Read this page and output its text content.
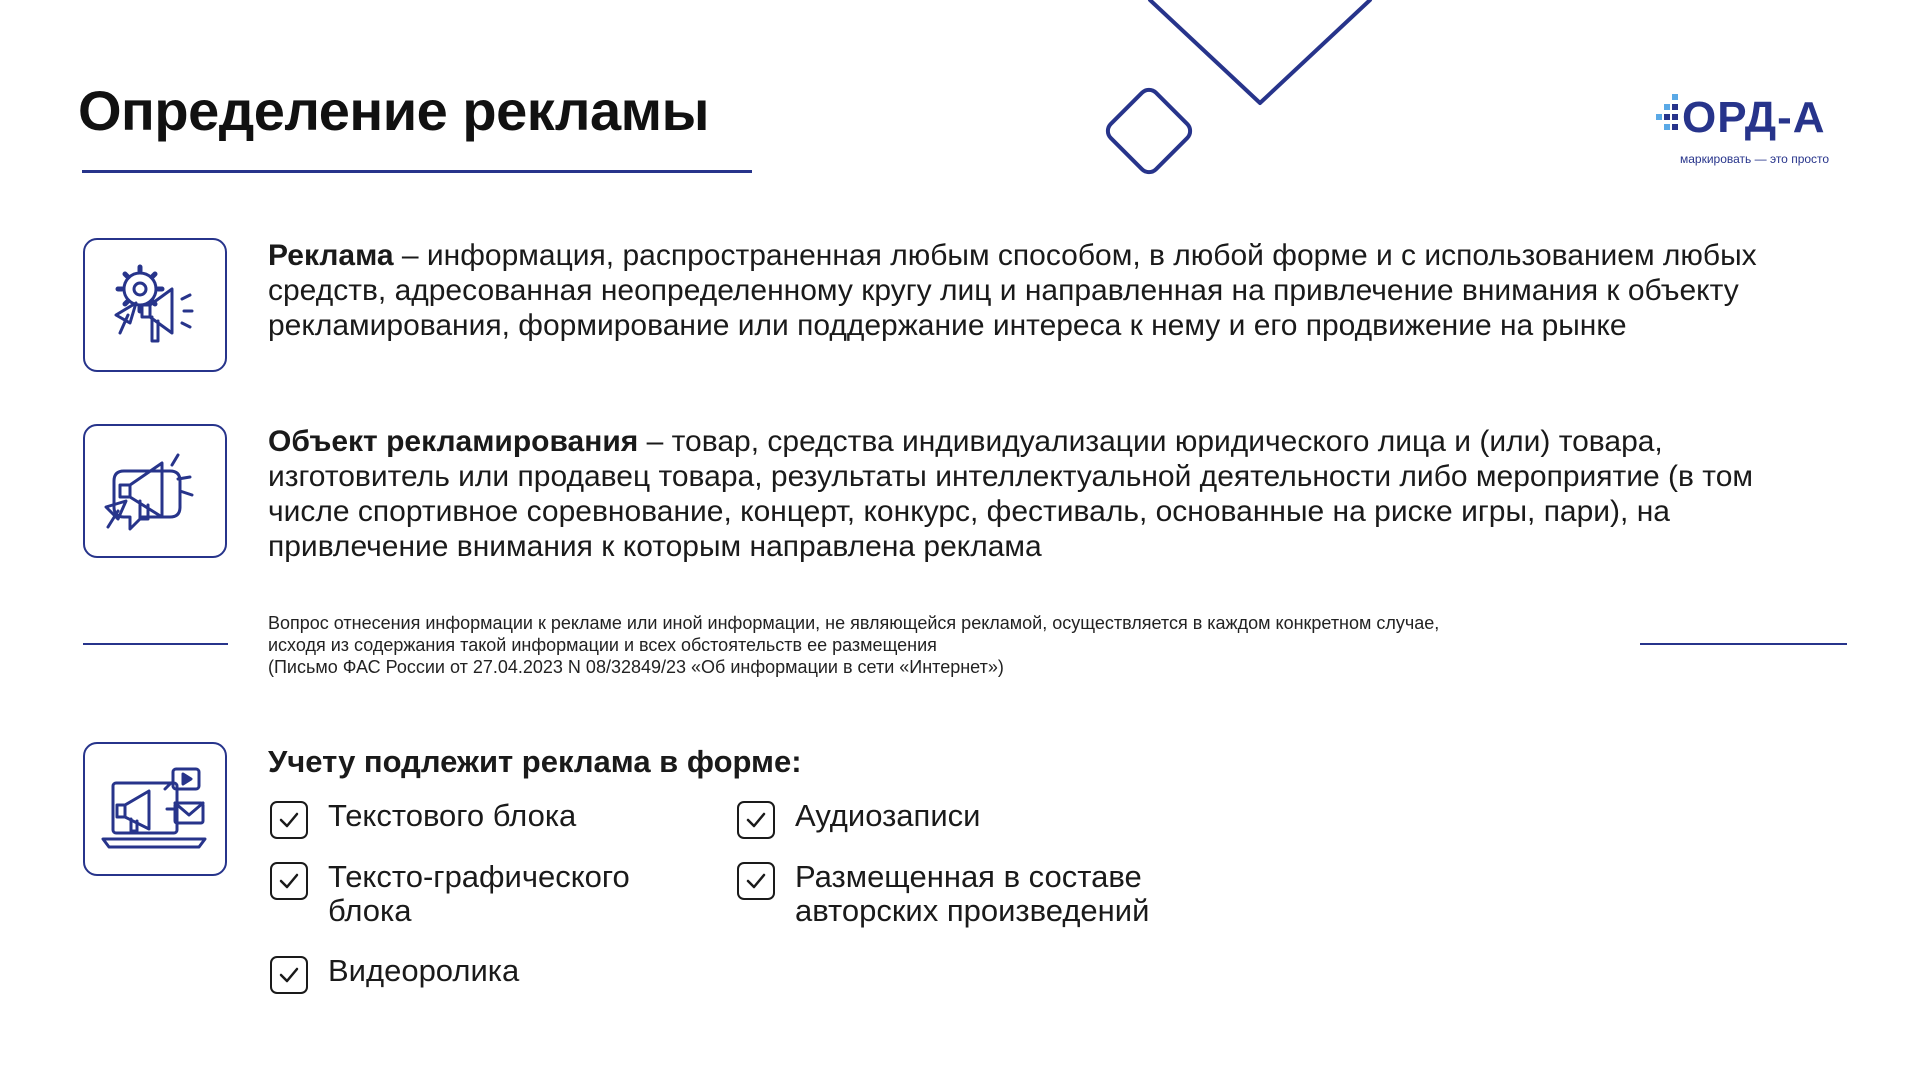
Определение рекламы	ОРД-А
маркировать — это просто
Реклама – информация, распространенная любым способом, в любой форме и с использованием любых средств, адресованная неопределенному кругу лиц и направленная на привлечение внимания к объекту рекламирования, формирование или поддержание интереса к нему и его продвижение на рынке
Объект рекламирования – товар, средства индивидуализации юридического лица и (или) товара, изготовитель или продавец товара, результаты интеллектуальной деятельности либо мероприятие (в том числе спортивное соревнование, концерт, конкурс, фестиваль, основанные на риске игры, пари), на привлечение внимания к которым направлена реклама
Вопрос отнесения информации к рекламе или иной информации, не являющейся рекламой, осуществляется в каждом конкретном случае,
исходя из содержания такой информации и всех обстоятельств ее размещения
(Письмо ФАС России от 27.04.2023 N 08/32849/23 «Об информации в сети «Интернет»)
Учету подлежит реклама в форме:
Текстового блока	Аудиозаписи
Тексто-графического блока
Размещенная в составе авторских произведений
Видеоролика
